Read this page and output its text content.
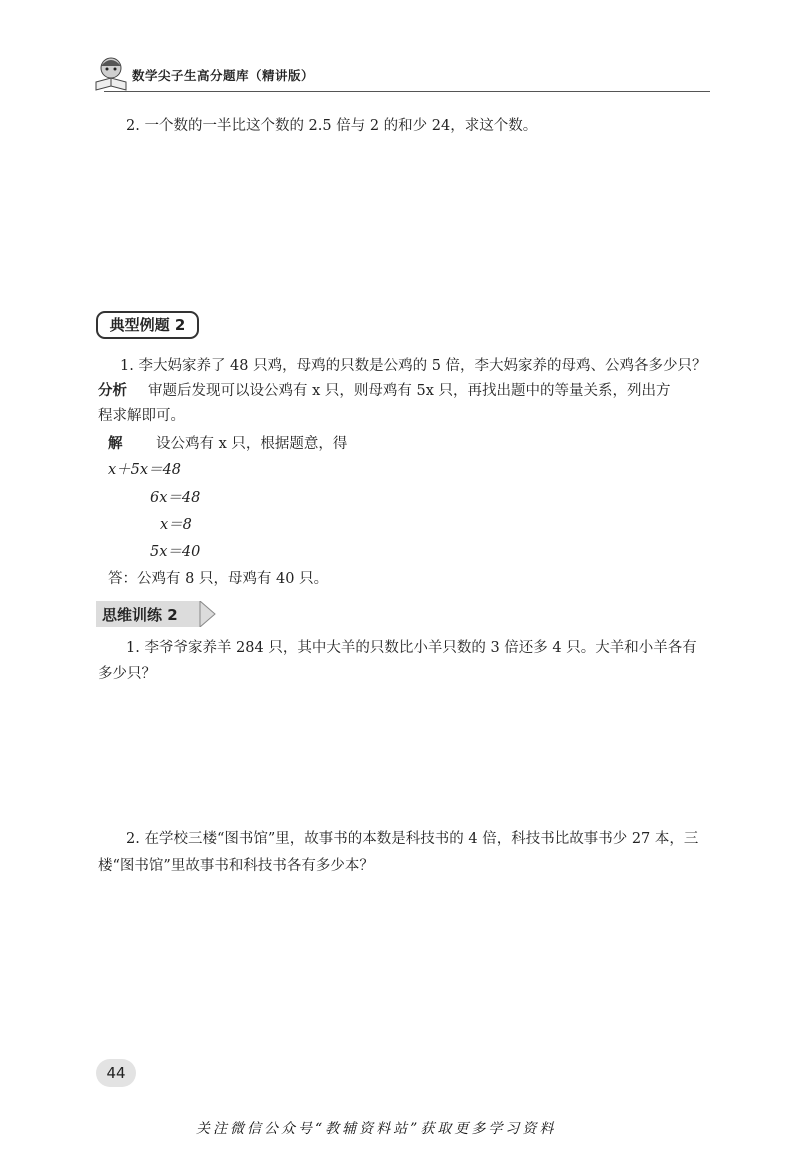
数学尖子生高分题库（精讲版）
2. 一个数的一半比这个数的 2.5 倍与 2 的和少 24，求这个数。
典型例题 2
1. 李大妈家养了 48 只鸡，母鸡的只数是公鸡的 5 倍，李大妈家养的母鸡、公鸡各多少只？
分析 审题后发现可以设公鸡有 x 只，则母鸡有 5x 只，再找出题中的等量关系，列出方
程求解即可。
解 设公鸡有 x 只，根据题意，得
x＋5x＝48
6x＝48
x＝8
5x＝40
答：公鸡有 8 只，母鸡有 40 只。
思维训练 2
1. 李爷爷家养羊 284 只，其中大羊的只数比小羊只数的 3 倍还多 4 只。大羊和小羊各有
多少只？
2. 在学校三楼“图书馆”里，故事书的本数是科技书的 4 倍，科技书比故事书少 27 本，三
楼“图书馆”里故事书和科技书各有多少本？
44
关注微信公众号“教辅资料站”获取更多学习资料
